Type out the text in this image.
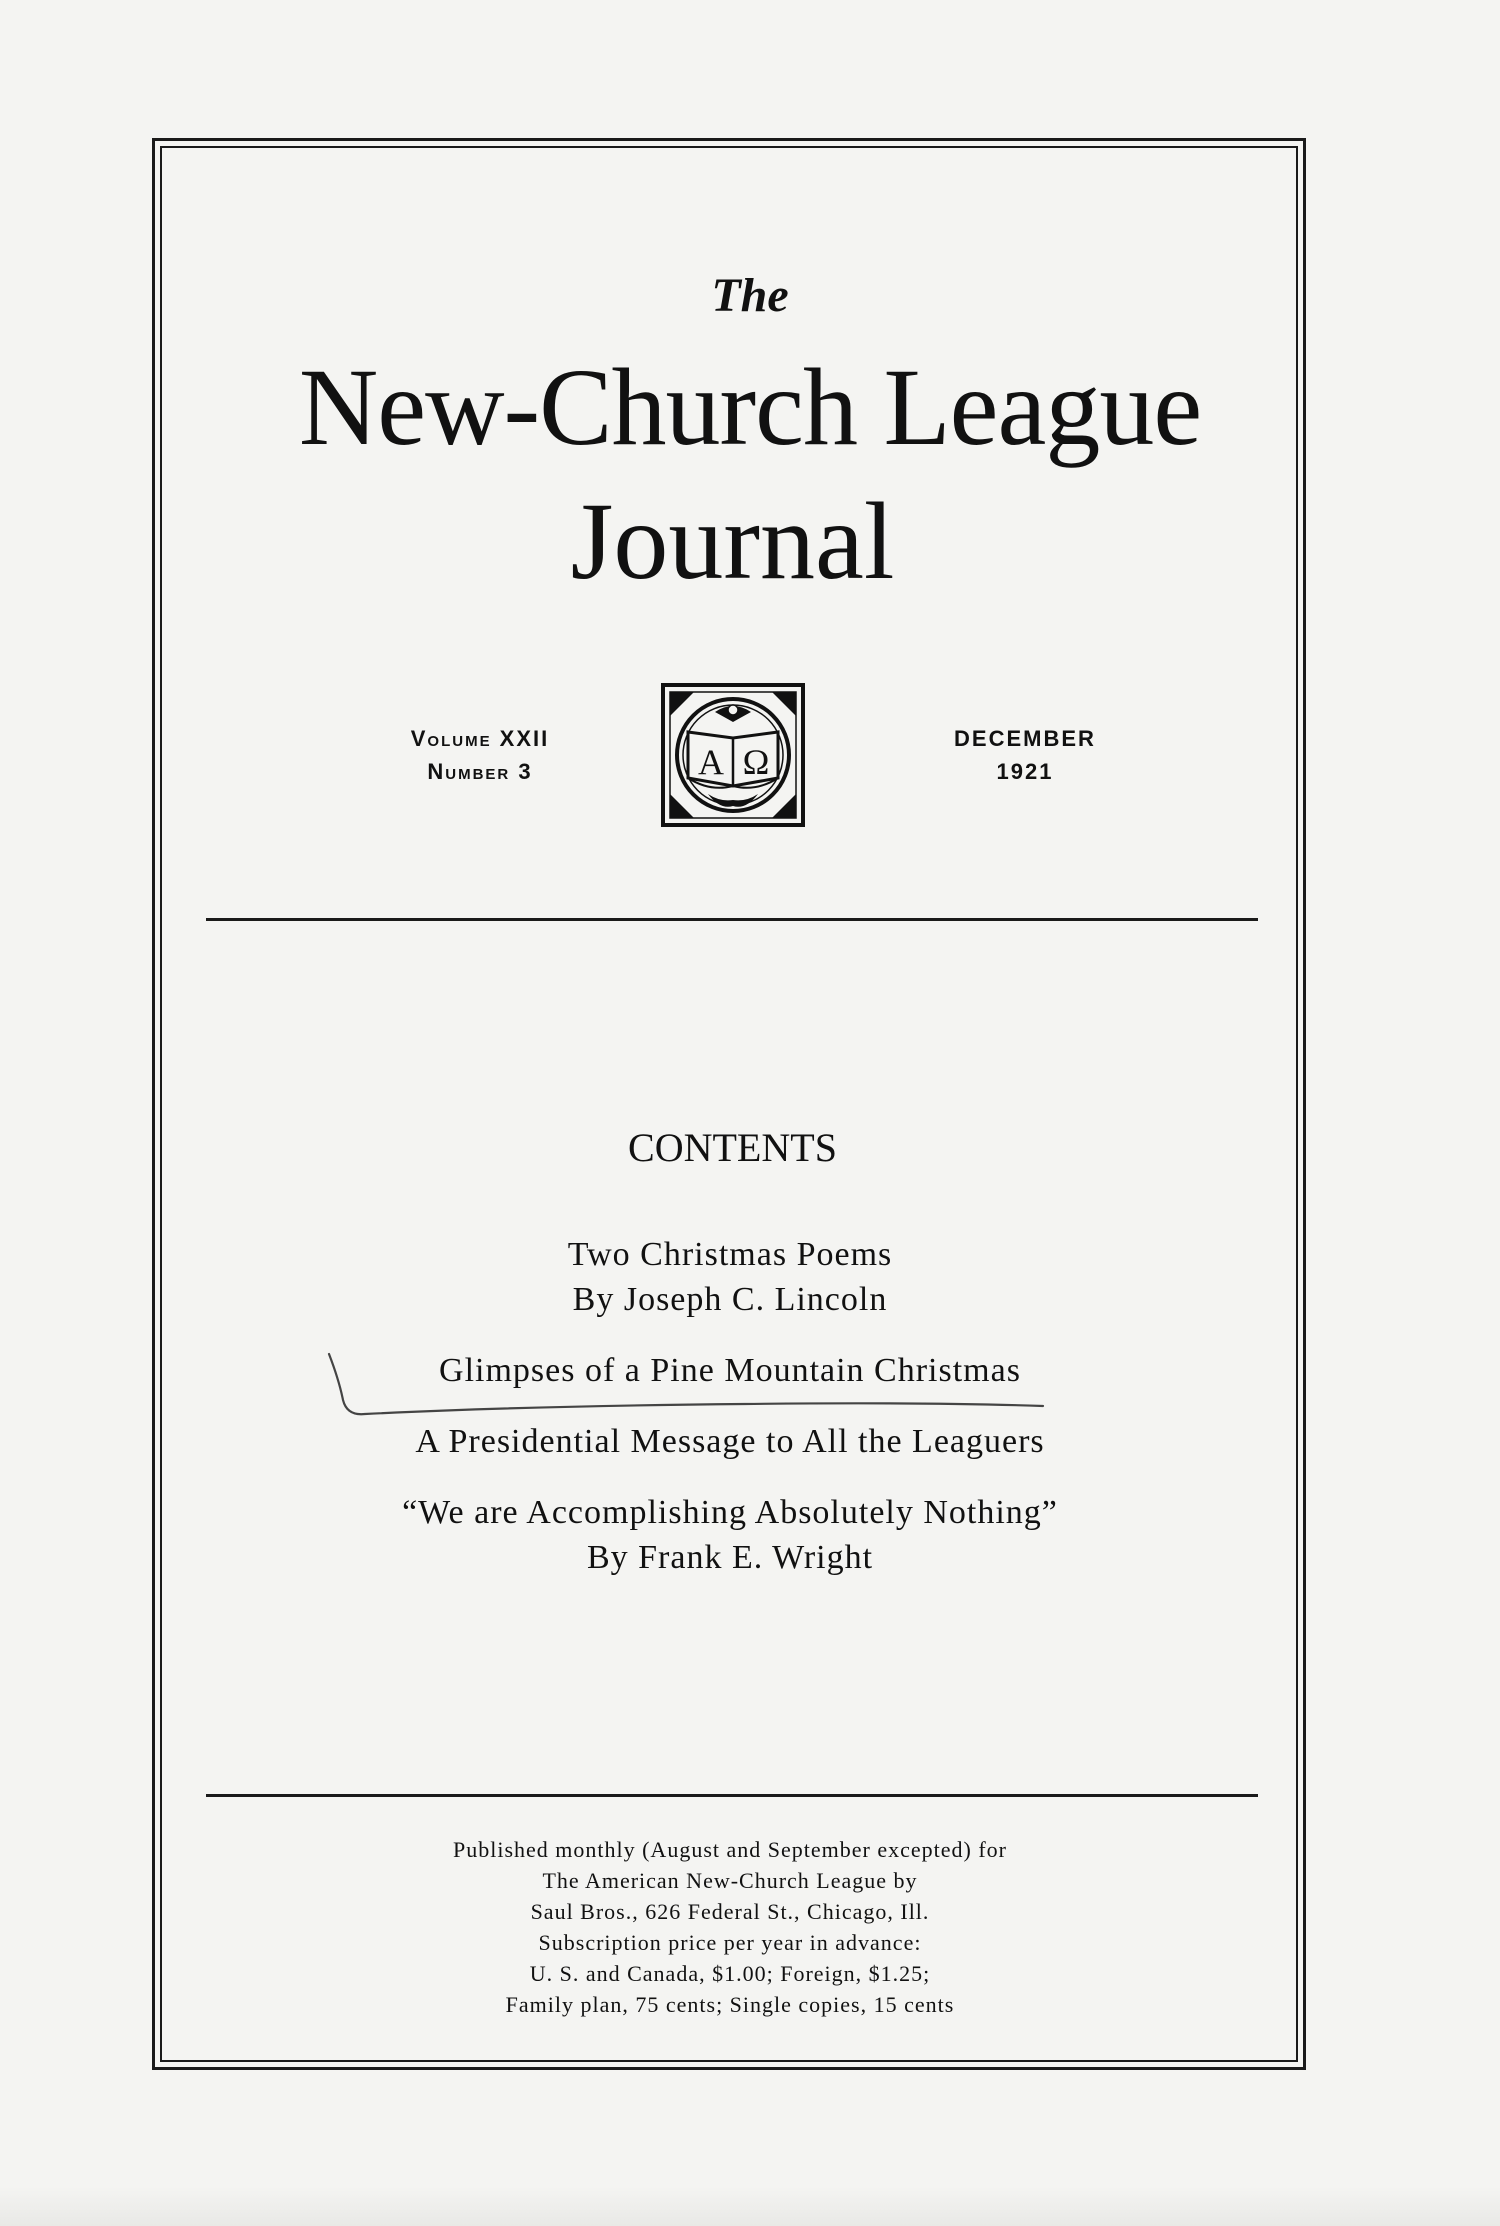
The
New-Church League
Journal
Volume XXII
Number 3	Α Ω
DECEMBER
1921
CONTENTS
Two Christmas Poems
By Joseph C. Lincoln
Glimpses of a Pine Mountain Christmas
A Presidential Message to All the Leaguers
“We are Accomplishing Absolutely Nothing”
By Frank E. Wright
Published monthly (August and September excepted) for
The American New-Church League by
Saul Bros., 626 Federal St., Chicago, Ill.
Subscription price per year in advance:
U. S. and Canada, $1.00; Foreign, $1.25;
Family plan, 75 cents; Single copies, 15 cents
